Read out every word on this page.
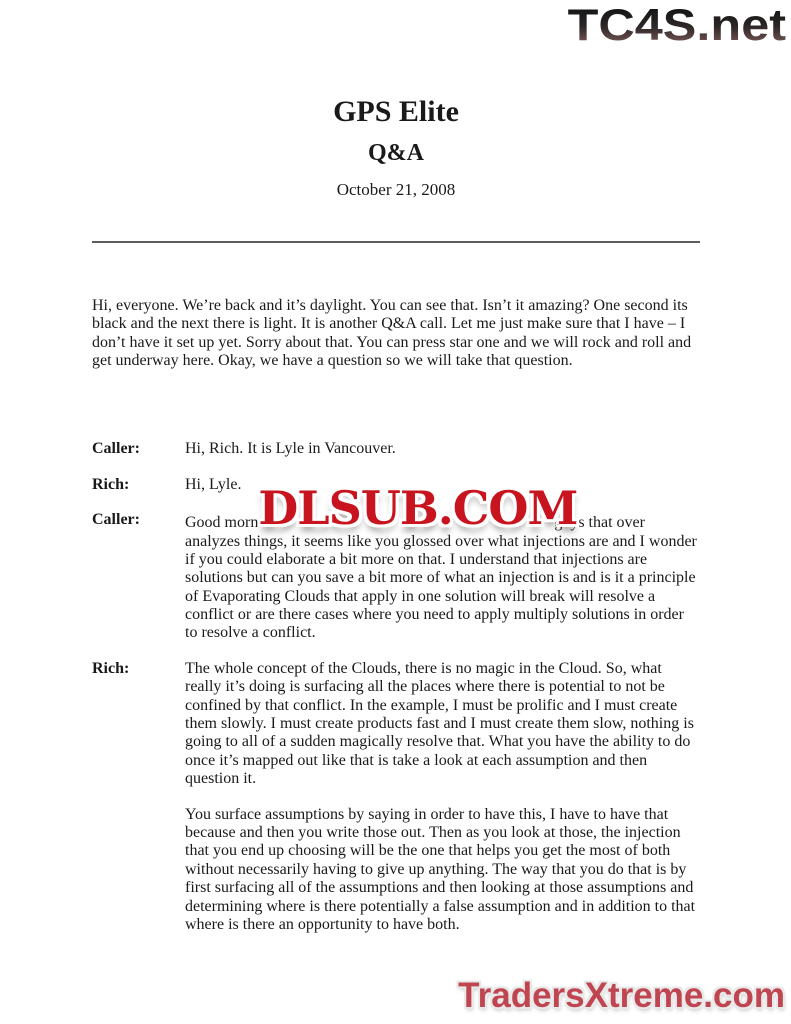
TC4S.net
GPS Elite
Q&A
October 21, 2008

Hi, everyone. We’re back and it’s daylight. You can see that. Isn’t it amazing? One second its black and the next there is light. It is another Q&A call. Let me just make sure that I have – I don’t have it set up yet. Sorry about that. You can press star one and we will rock and roll and get underway here. Okay, we have a question so we will take that question.

Caller:	Hi, Rich. It is Lyle in Vancouver.
Rich:	Hi, Lyle.
Caller:	Good morn DLSUB.COM
guys that over analyzes things, it seems like you glossed over what injections are and I wonder if you could elaborate a bit more on that. I understand that injections are solutions but can you save a bit more of what an injection is and is it a principle of Evaporating Clouds that apply in one solution will break will resolve a conflict or are there cases where you need to apply multiply solutions in order to resolve a conflict.
Rich:	The whole concept of the Clouds, there is no magic in the Cloud. So, what really it’s doing is surfacing all the places where there is potential to not be confined by that conflict. In the example, I must be prolific and I must create them slowly. I must create products fast and I must create them slow, nothing is going to all of a sudden magically resolve that. What you have the ability to do once it’s mapped out like that is take a look at each assumption and then question it.
You surface assumptions by saying in order to have this, I have to have that because and then you write those out. Then as you look at those, the injection that you end up choosing will be the one that helps you get the most of both without necessarily having to give up anything. The way that you do that is by first surfacing all of the assumptions and then looking at those assumptions and determining where is there potentially a false assumption and in addition to that where is there an opportunity to have both.
TradersXtreme.com
